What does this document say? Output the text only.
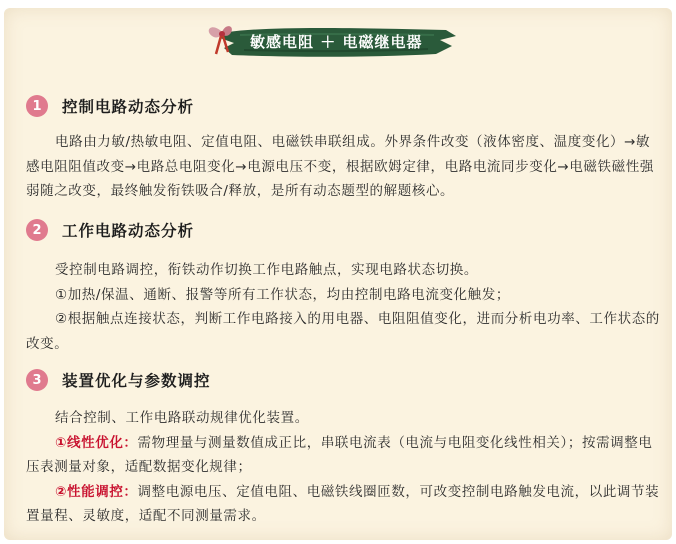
敏感电阻 ＋ 电磁继电器
1	控制电路动态分析

电路由力敏/热敏电阻、定值电阻、电磁铁串联组成。外界条件改变（液体密度、温度变化）→敏感电阻阻值改变→电路总电阻变化→电源电压不变，根据欧姆定律，电路电流同步变化→电磁铁磁性强弱随之改变，最终触发衔铁吸合/释放，是所有动态题型的解题核心。

2	工作电路动态分析

受控制电路调控，衔铁动作切换工作电路触点，实现电路状态切换。

①加热/保温、通断、报警等所有工作状态，均由控制电路电流变化触发；

②根据触点连接状态，判断工作电路接入的用电器、电阻阻值变化，进而分析电功率、工作状态的改变。

3	装置优化与参数调控

结合控制、工作电路联动规律优化装置。

①线性优化：需物理量与测量数值成正比，串联电流表（电流与电阻变化线性相关）；按需调整电压表测量对象，适配数据变化规律；

②性能调控：调整电源电压、定值电阻、电磁铁线圈匝数，可改变控制电路触发电流，以此调节装置量程、灵敏度，适配不同测量需求。
